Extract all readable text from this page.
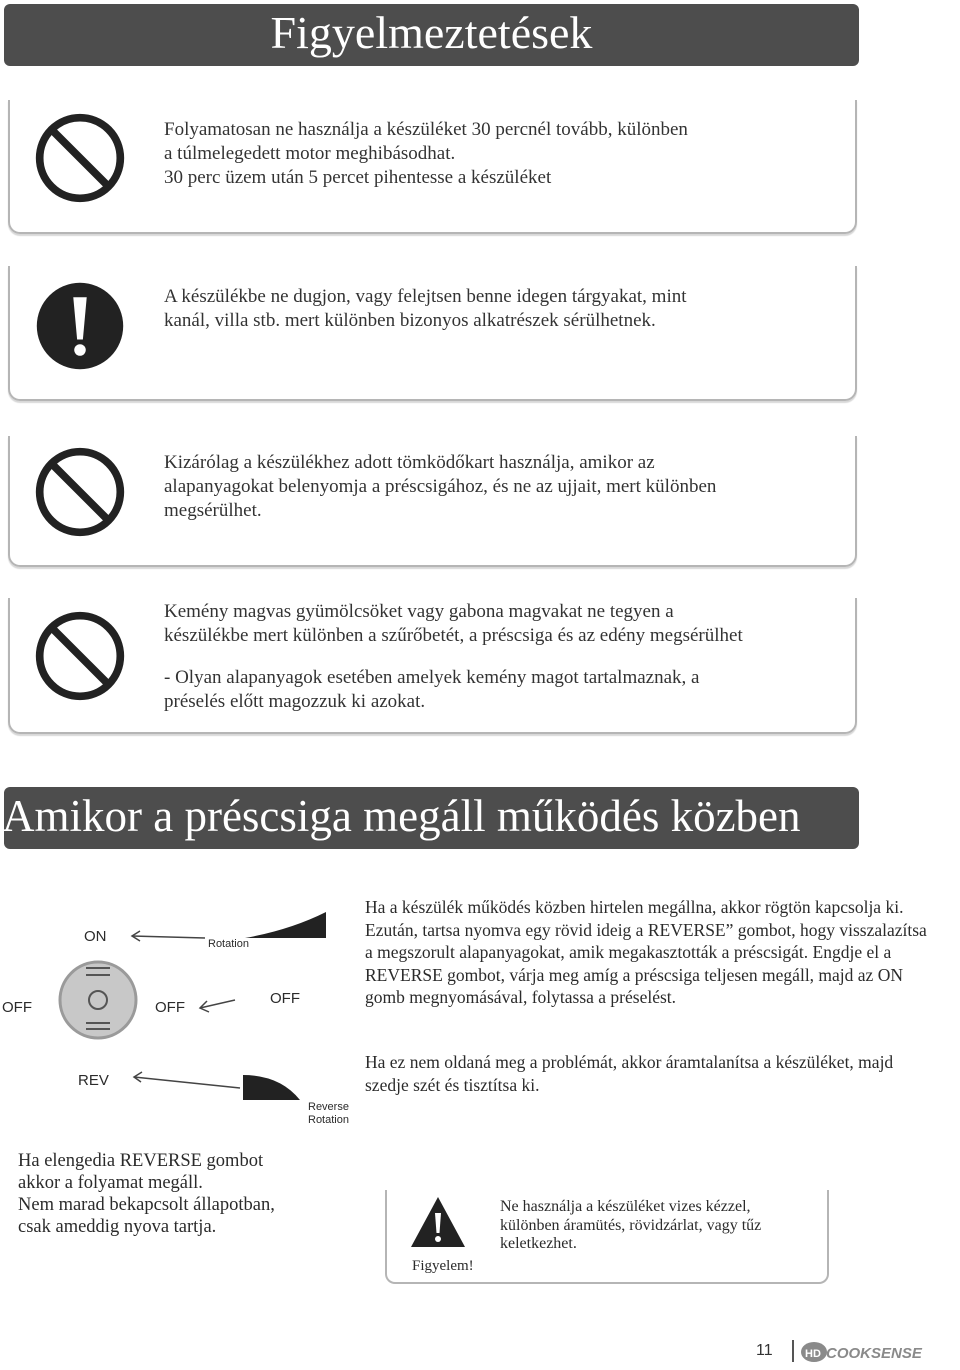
Figyelmeztetések

Folyamatosan ne használja a készüléket 30 percnél tovább, különben

a túlmelegedett motor meghibásodhat.

30 perc üzem után 5 percet pihentesse a készüléket

A készülékbe ne dugjon, vagy felejtsen benne idegen tárgyakat, mint

kanál, villa stb. mert különben bizonyos alkatrészek sérülhetnek.

Kizárólag a készülékhez adott tömködőkart használja, amikor az

alapanyagokat belenyomja a préscsigához, és ne az ujjait, mert különben

megsérülhet.

Kemény magvas gyümölcsöket vagy gabona magvakat ne tegyen a

készülékbe mert különben a szűrőbetét, a préscsiga és az edény megsérülhet

- Olyan alapanyagok esetében amelyek kemény magot tartalmaznak, a

préselés előtt magozzuk ki azokat.

Amikor a préscsiga megáll működés közben
ON
OFF	OFF
OFF
Rotation
REV
Reverse
Rotation
Ha a készülék működés közben hirtelen megállna, akkor rögtön kapcsolja ki.
Ezután, tartsa nyomva egy rövid ideig a REVERSE” gombot, hogy visszalazítsa
a megszorult alapanyagokat, amik megakasztották a préscsigát. Engdje el a
REVERSE gombot, várja meg amíg a préscsiga teljesen megáll, majd az ON
gomb megnyomásával, folytassa a préselést.
Ha ez nem oldaná meg a problémát, akkor áramtalanítsa a készüléket, majd
szedje szét és tisztítsa ki.
Ha elengedia REVERSE gombot
akkor a folyamat megáll.
Nem marad bekapcsolt állapotban,
csak ameddig nyova tartja.
Figyelem!
Ne használja a készüléket vizes kézzel,
különben áramütés, rövidzárlat, vagy tűz
keletkezhet.
11	HD COOKSENSE
